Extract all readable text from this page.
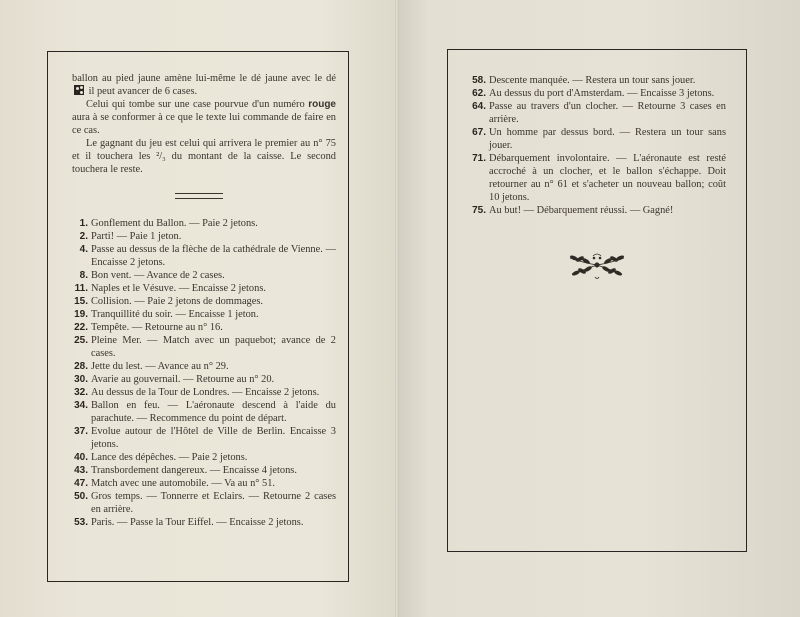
ballon au pied jaune amène lui-même le dé jaune avec le dé  il peut avancer de 6 cases.

Celui qui tombe sur une case pourvue d'un numéro rouge aura à se conformer à ce que le texte lui commande de faire en ce cas.

Le gagnant du jeu est celui qui arrivera le premier au n° 75 et il touchera les ²/₃ du montant de la caisse. Le second touchera le reste.

1. Gonflement du Ballon. — Paie 2 jetons.
2. Parti! — Paie 1 jeton.
4. Passe au dessus de la flèche de la cathédrale de Vienne. — Encaisse 2 jetons.
8. Bon vent. — Avance de 2 cases.
11. Naples et le Vésuve. — Encaisse 2 jetons.
15. Collision. — Paie 2 jetons de dommages.
19. Tranquillité du soir. — Encaisse 1 jeton.
22. Tempête. — Retourne au n° 16.
25. Pleine Mer. — Match avec un paquebot; avance de 2 cases.
28. Jette du lest. — Avance au n° 29.
30. Avarie au gouvernail. — Retourne au n° 20.
32. Au dessus de la Tour de Londres. — Encaisse 2 jetons.
34. Ballon en feu. — L'aéronaute descend à l'aide du parachute. — Recommence du point de départ.
37. Evolue autour de l'Hôtel de Ville de Berlin. Encaisse 3 jetons.
40. Lance des dépêches. — Paie 2 jetons.
43. Transbordement dangereux. — Encaisse 4 jetons.
47. Match avec une automobile. — Va au n° 51.
50. Gros temps. — Tonnerre et Eclairs. — Retourne 2 cases en arrière.
53. Paris. — Passe la Tour Eiffel. — Encaisse 2 jetons.
58. Descente manquée. — Restera un tour sans jouer.
62. Au dessus du port d'Amsterdam. — Encaisse 3 jetons.
64. Passe au travers d'un clocher. — Retourne 3 cases en arrière.
67. Un homme par dessus bord. — Restera un tour sans jouer.
71. Débarquement involontaire. — L'aéronaute est resté accroché à un clocher, et le ballon s'échappe. Doit retourner au n° 61 et s'acheter un nouveau ballon; coût 10 jetons.
75. Au but! — Débarquement réussi. — Gagné!
